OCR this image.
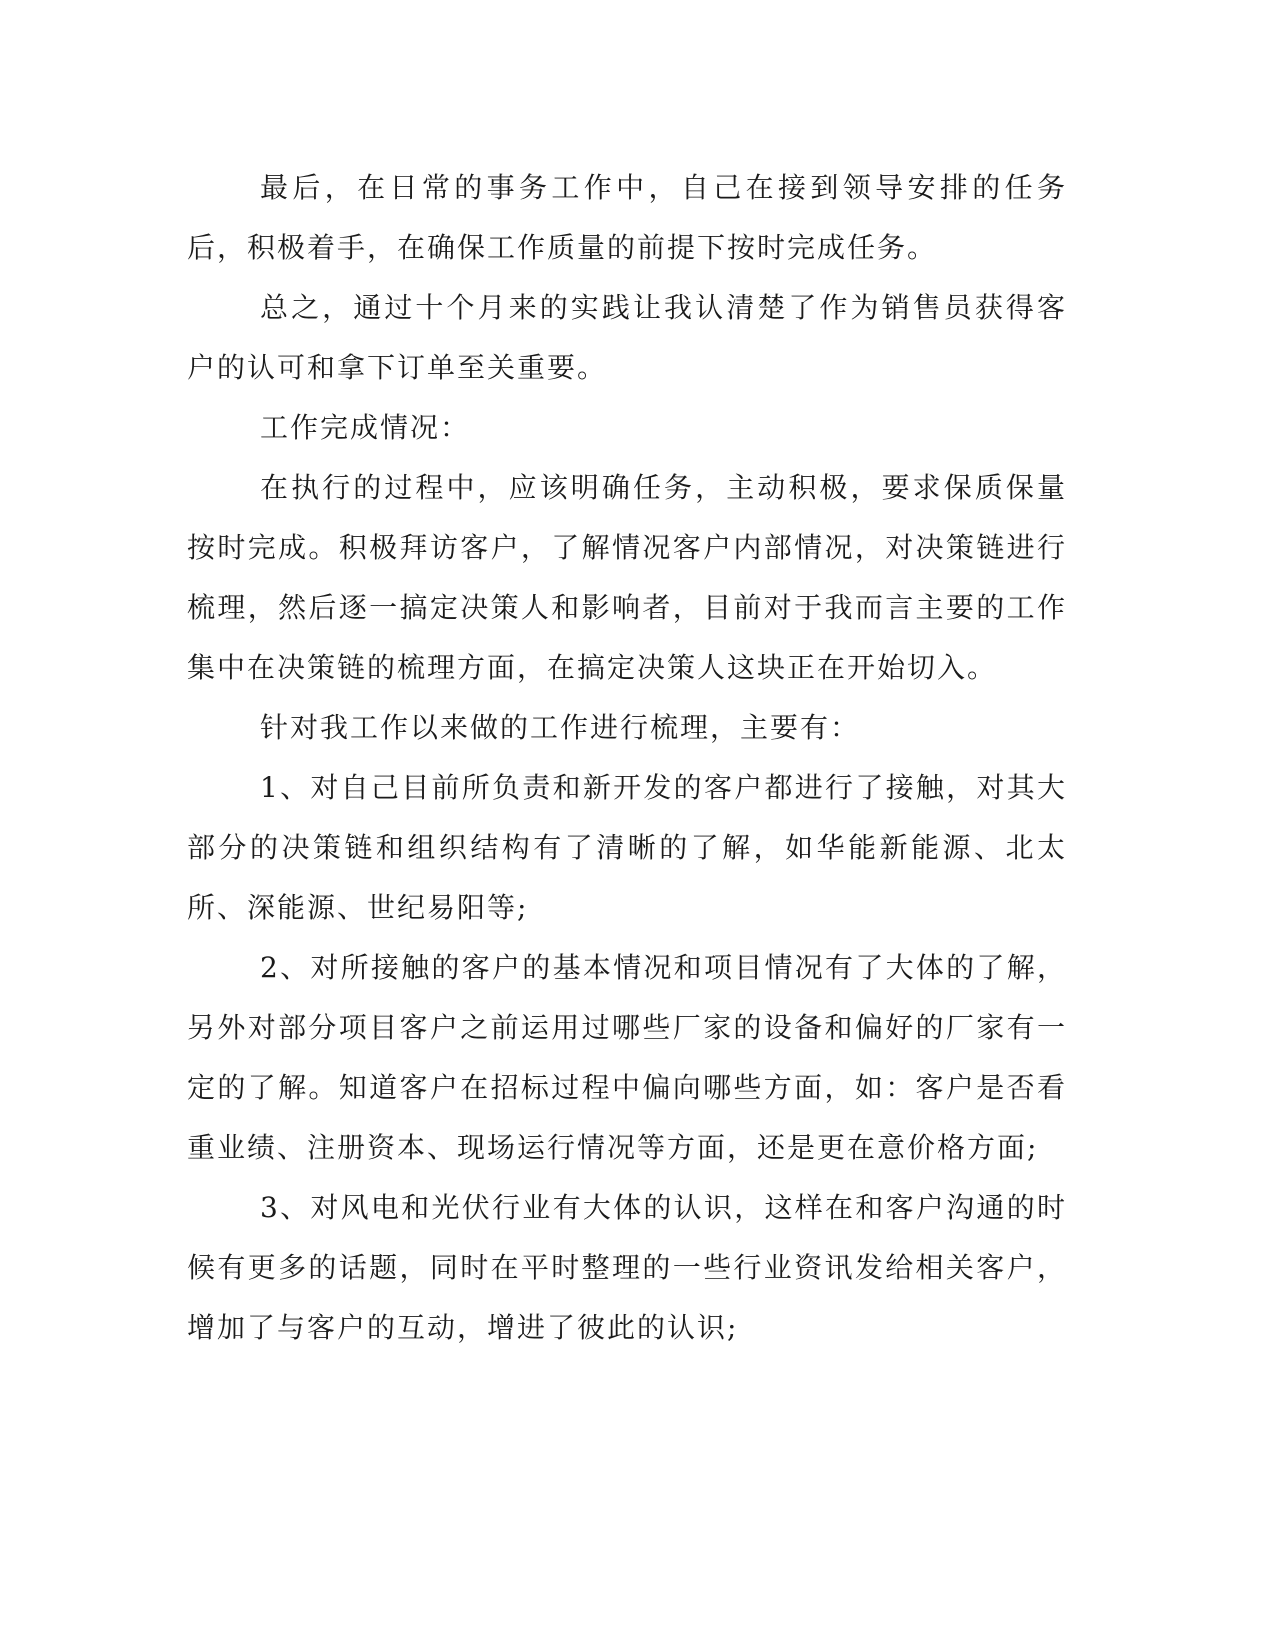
最后，在日常的事务工作中，自己在接到领导安排的任务后，积极着手，在确保工作质量的前提下按时完成任务。

总之，通过十个月来的实践让我认清楚了作为销售员获得客户的认可和拿下订单至关重要。

工作完成情况：

在执行的过程中，应该明确任务，主动积极，要求保质保量按时完成。积极拜访客户，了解情况客户内部情况，对决策链进行梳理，然后逐一搞定决策人和影响者，目前对于我而言主要的工作集中在决策链的梳理方面，在搞定决策人这块正在开始切入。

针对我工作以来做的工作进行梳理，主要有：

1、对自己目前所负责和新开发的客户都进行了接触，对其大部分的决策链和组织结构有了清晰的了解，如华能新能源、北太所、深能源、世纪易阳等;

2、对所接触的客户的基本情况和项目情况有了大体的了解，另外对部分项目客户之前运用过哪些厂家的设备和偏好的厂家有一定的了解。知道客户在招标过程中偏向哪些方面，如：客户是否看重业绩、注册资本、现场运行情况等方面，还是更在意价格方面;

3、对风电和光伏行业有大体的认识，这样在和客户沟通的时候有更多的话题，同时在平时整理的一些行业资讯发给相关客户，增加了与客户的互动，增进了彼此的认识;
